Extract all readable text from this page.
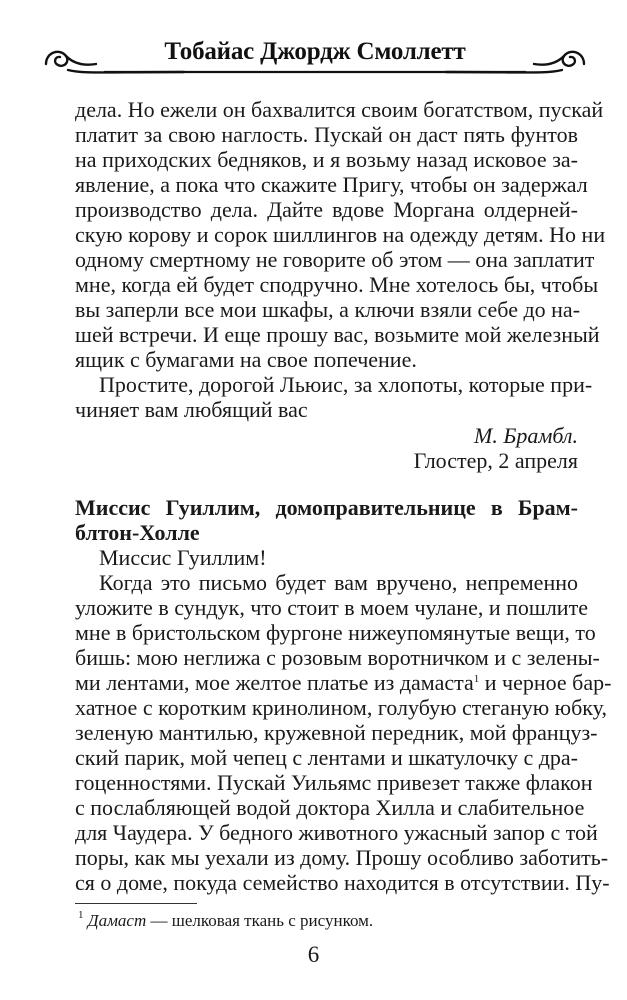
Тобайас Джордж Смоллетт
дела. Но ежели он бахвалится своим богатством, пускай
платит за свою наглость. Пускай он даст пять фунтов
на приходских бедняков, и я возьму назад исковое за-
явление, а пока что скажите Пригу, чтобы он задержал
производство дела. Дайте вдове Моргана олдерней-
скую корову и сорок шиллингов на одежду детям. Но ни
одному смертному не говорите об этом — она заплатит
мне, когда ей будет сподручно. Мне хотелось бы, чтобы
вы заперли все мои шкафы, а ключи взяли себе до на-
шей встречи. И еще прошу вас, возьмите мой железный
ящик с бумагами на свое попечение.
Простите, дорогой Льюис, за хлопоты, которые при-
чиняет вам любящий вас
М. Брамбл.
Глостер, 2 апреля
Миссис Гуиллим, домоправительнице в Брам-
блтон-Холле
Миссис Гуиллим!
Когда это письмо будет вам вручено, непременно
уложите в сундук, что стоит в моем чулане, и пошлите
мне в бристольском фургоне нижеупомянутые вещи, то
бишь: мою неглижа с розовым воротничком и с зелены-
ми лентами, мое желтое платье из дамаста$^1$ и черное бар-
хатное с коротким кринолином, голубую стеганую юбку,
зеленую мантилью, кружевной передник, мой француз-
ский парик, мой чепец с лентами и шкатулочку с дра-
гоценностями. Пускай Уильямс привезет также флакон
с послабляющей водой доктора Хилла и слабительное
для Чаудера. У бедного животного ужасный запор с той
поры, как мы уехали из дому. Прошу особливо заботить-
ся о доме, покуда семейство находится в отсутствии. Пу-
$^1$ Дамаст — шелковая ткань с рисунком.
6
